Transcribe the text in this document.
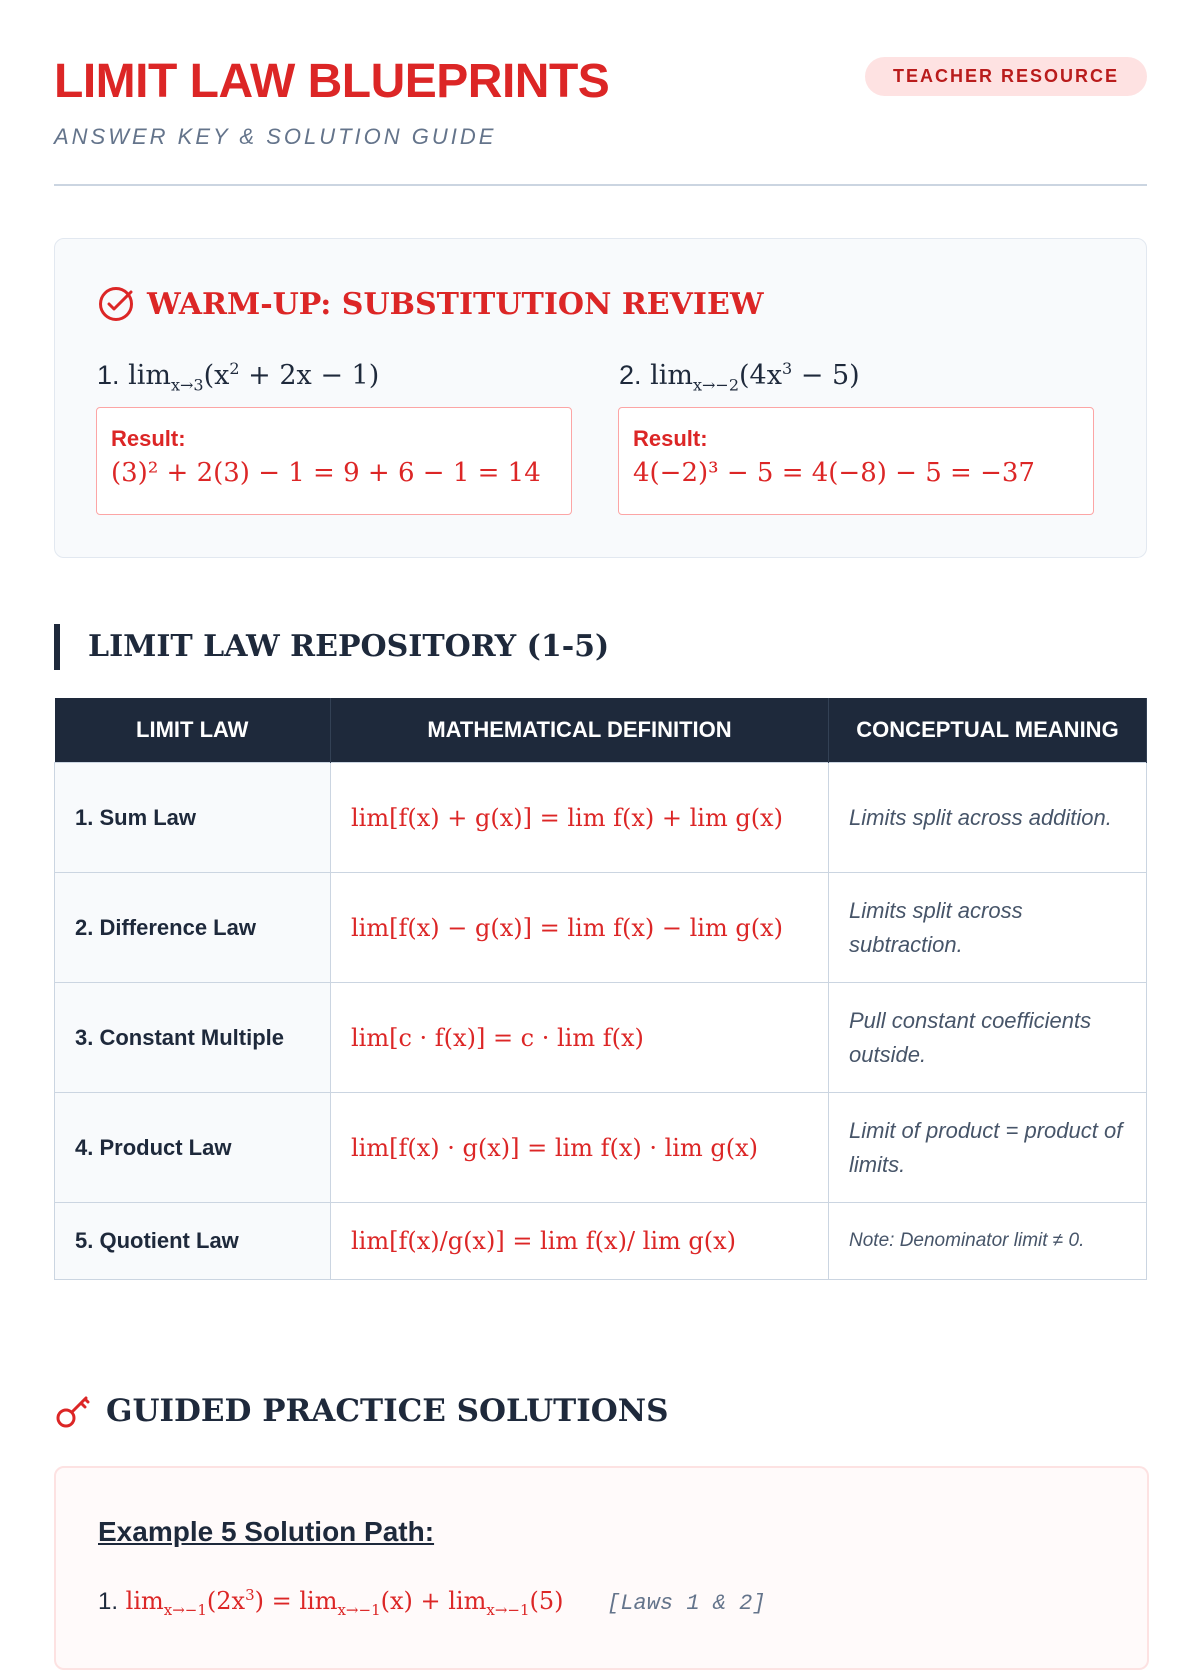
LIMIT LAW BLUEPRINTS
ANSWER KEY & SOLUTION GUIDE
TEACHER RESOURCE
WARM-UP: SUBSTITUTION REVIEW
1. $\lim_{x\to 3}(x^2 + 2x - 1)$	2. $\lim_{x\to-2}(4x^3 - 5)$
Result:
(3)² + 2(3) − 1 = 9 + 6 − 1 = 14
Result:
4(−2)³ − 5 = 4(−8) − 5 = −37
LIMIT LAW REPOSITORY (1-5)
LIMIT LAW	MATHEMATICAL DEFINITION	CONCEPTUAL MEANING
1. Sum Law	lim[f(x) + g(x)] = lim f(x) + lim g(x)	Limits split across addition.
2. Difference Law	lim[f(x) − g(x)] = lim f(x) − lim g(x)	Limits split across subtraction.
3. Constant Multiple	lim[c · f(x)] = c · lim f(x)	Pull constant coefficients outside.
4. Product Law	lim[f(x) · g(x)] = lim f(x) · lim g(x)	Limit of product = product of limits.
5. Quotient Law	lim[f(x)/g(x)] = lim f(x)/ lim g(x)	Note: Denominator limit ≠ 0.
GUIDED PRACTICE SOLUTIONS
Example 5 Solution Path:
1. $\lim_{x\to-1}(2x^3) = \lim_{x\to-1}(x) + \lim_{x\to-1}(5)$ [Laws 1 & 2]
